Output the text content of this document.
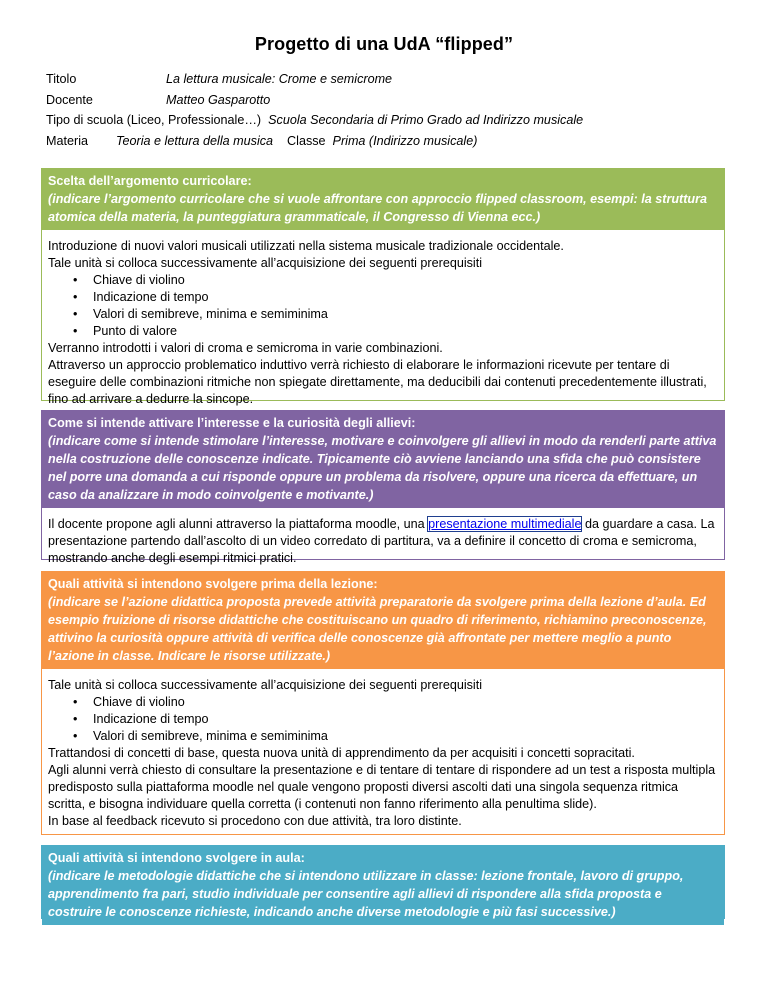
Progetto di una UdA “flipped”
Titolo	La lettura musicale: Crome e semicrome
Docente	Matteo Gasparotto
Tipo di scuola (Liceo, Professionale…) Scuola Secondaria di Primo Grado ad Indirizzo musicale
Materia Teoria e lettura della musica Classe Prima (Indirizzo musicale)
Scelta dell’argomento curricolare:
(indicare l’argomento curricolare che si vuole affrontare con approccio flipped classroom, esempi: la struttura atomica della materia, la punteggiatura grammaticale, il Congresso di Vienna ecc.)
Introduzione di nuovi valori musicali utilizzati nella sistema musicale tradizionale occidentale.
Tale unità si colloca successivamente all’acquisizione dei seguenti prerequisiti
• Chiave di violino
• Indicazione di tempo
• Valori di semibreve, minima e semiminima
• Punto di valore
Verranno introdotti i valori di croma e semicroma in varie combinazioni.
Attraverso un approccio problematico induttivo verrà richiesto di elaborare le informazioni ricevute per tentare di eseguire delle combinazioni ritmiche non spiegate direttamente, ma deducibili dai contenuti precedentemente illustrati, fino ad arrivare a dedurre la sincope.
Come si intende attivare l’interesse e la curiosità degli allievi:
(indicare come si intende stimolare l’interesse, motivare e coinvolgere gli allievi in modo da renderli parte attiva nella costruzione delle conoscenze indicate. Tipicamente ciò avviene lanciando una sfida che può consistere nel porre una domanda a cui risponde oppure un problema da risolvere, oppure una ricerca da effettuare, un caso da analizzare in modo coinvolgente e motivante.)
Il docente propone agli alunni attraverso la piattaforma moodle, una presentazione multimediale da guardare a casa. La presentazione partendo dall’ascolto di un video corredato di partitura, va a definire il concetto di croma e semicroma, mostrando anche degli esempi ritmici pratici.
Quali attività si intendono svolgere prima della lezione:
(indicare se l’azione didattica proposta prevede attività preparatorie da svolgere prima della lezione d’aula. Ed esempio fruizione di risorse didattiche che costituiscano un quadro di riferimento, richiamino preconoscenze, attivino la curiosità oppure attività di verifica delle conoscenze già affrontate per mettere meglio a punto l’azione in classe. Indicare le risorse utilizzate.)
Tale unità si colloca successivamente all’acquisizione dei seguenti prerequisiti
• Chiave di violino
• Indicazione di tempo
• Valori di semibreve, minima e semiminima
Trattandosi di concetti di base, questa nuova unità di apprendimento da per acquisiti i concetti sopracitati.
Agli alunni verrà chiesto di consultare la presentazione e di tentare di tentare di rispondere ad un test a risposta multipla predisposto sulla piattaforma moodle nel quale vengono proposti diversi ascolti dati una singola sequenza ritmica scritta, e bisogna individuare quella corretta (i contenuti non fanno riferimento alla penultima slide).
In base al feedback ricevuto si procedono con due attività, tra loro distinte.
Quali attività si intendono svolgere in aula:
(indicare le metodologie didattiche che si intendono utilizzare in classe: lezione frontale, lavoro di gruppo, apprendimento fra pari, studio individuale per consentire agli allievi di rispondere alla sfida proposta e costruire le conoscenze richieste, indicando anche diverse metodologie e più fasi successive.)
